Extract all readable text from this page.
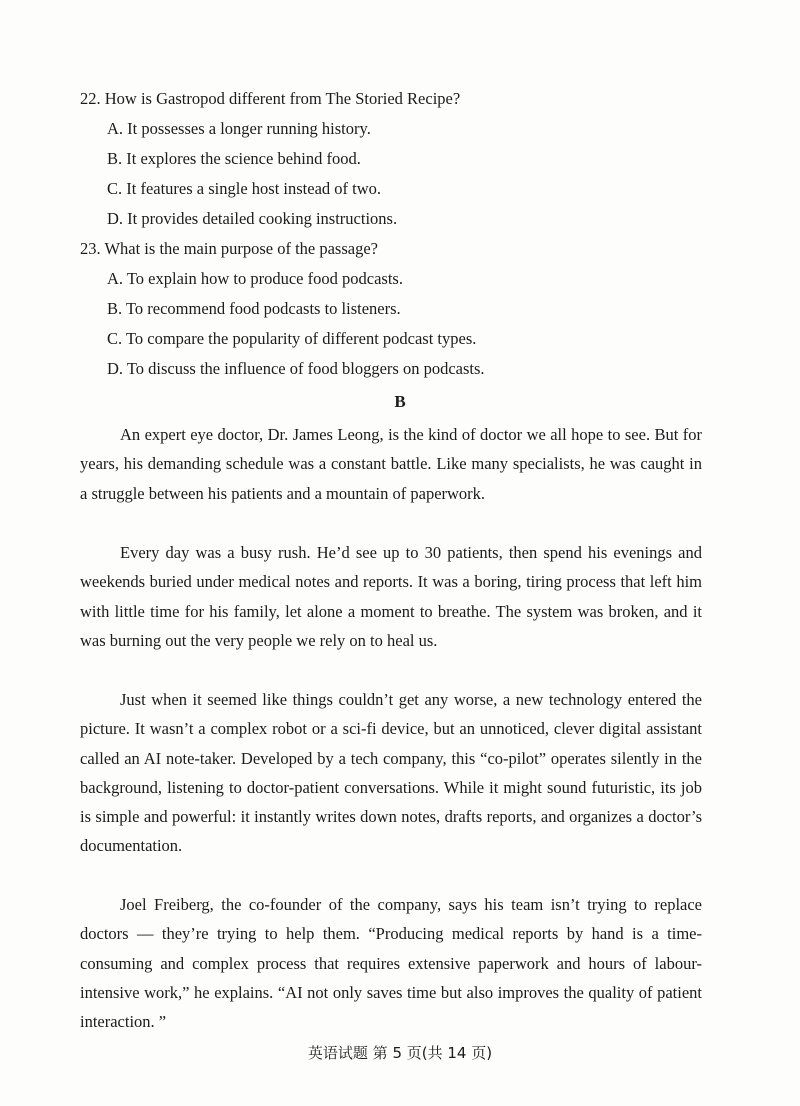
22. How is Gastropod different from The Storied Recipe?
A. It possesses a longer running history.
B. It explores the science behind food.
C. It features a single host instead of two.
D. It provides detailed cooking instructions.
23. What is the main purpose of the passage?
A. To explain how to produce food podcasts.
B. To recommend food podcasts to listeners.
C. To compare the popularity of different podcast types.
D. To discuss the influence of food bloggers on podcasts.
B

An expert eye doctor, Dr. James Leong, is the kind of doctor we all hope to see. But for years, his demanding schedule was a constant battle. Like many specialists, he was caught in a struggle between his patients and a mountain of paperwork.

Every day was a busy rush. He’d see up to 30 patients, then spend his evenings and weekends buried under medical notes and reports. It was a boring, tiring process that left him with little time for his family, let alone a moment to breathe. The system was broken, and it was burning out the very people we rely on to heal us.

Just when it seemed like things couldn’t get any worse, a new technology entered the picture. It wasn’t a complex robot or a sci-fi device, but an unnoticed, clever digital assistant called an AI note-taker. Developed by a tech company, this “co-pilot” operates silently in the background, listening to doctor-patient conversations. While it might sound futuristic, its job is simple and powerful: it instantly writes down notes, drafts reports, and organizes a doctor’s documentation.

Joel Freiberg, the co-founder of the company, says his team isn’t trying to replace doctors — they’re trying to help them. “Producing medical reports by hand is a time-consuming and complex process that requires extensive paperwork and hours of labour-intensive work,” he explains. “AI not only saves time but also improves the quality of patient interaction. ”

英语试题 第 5 页(共 14 页)
